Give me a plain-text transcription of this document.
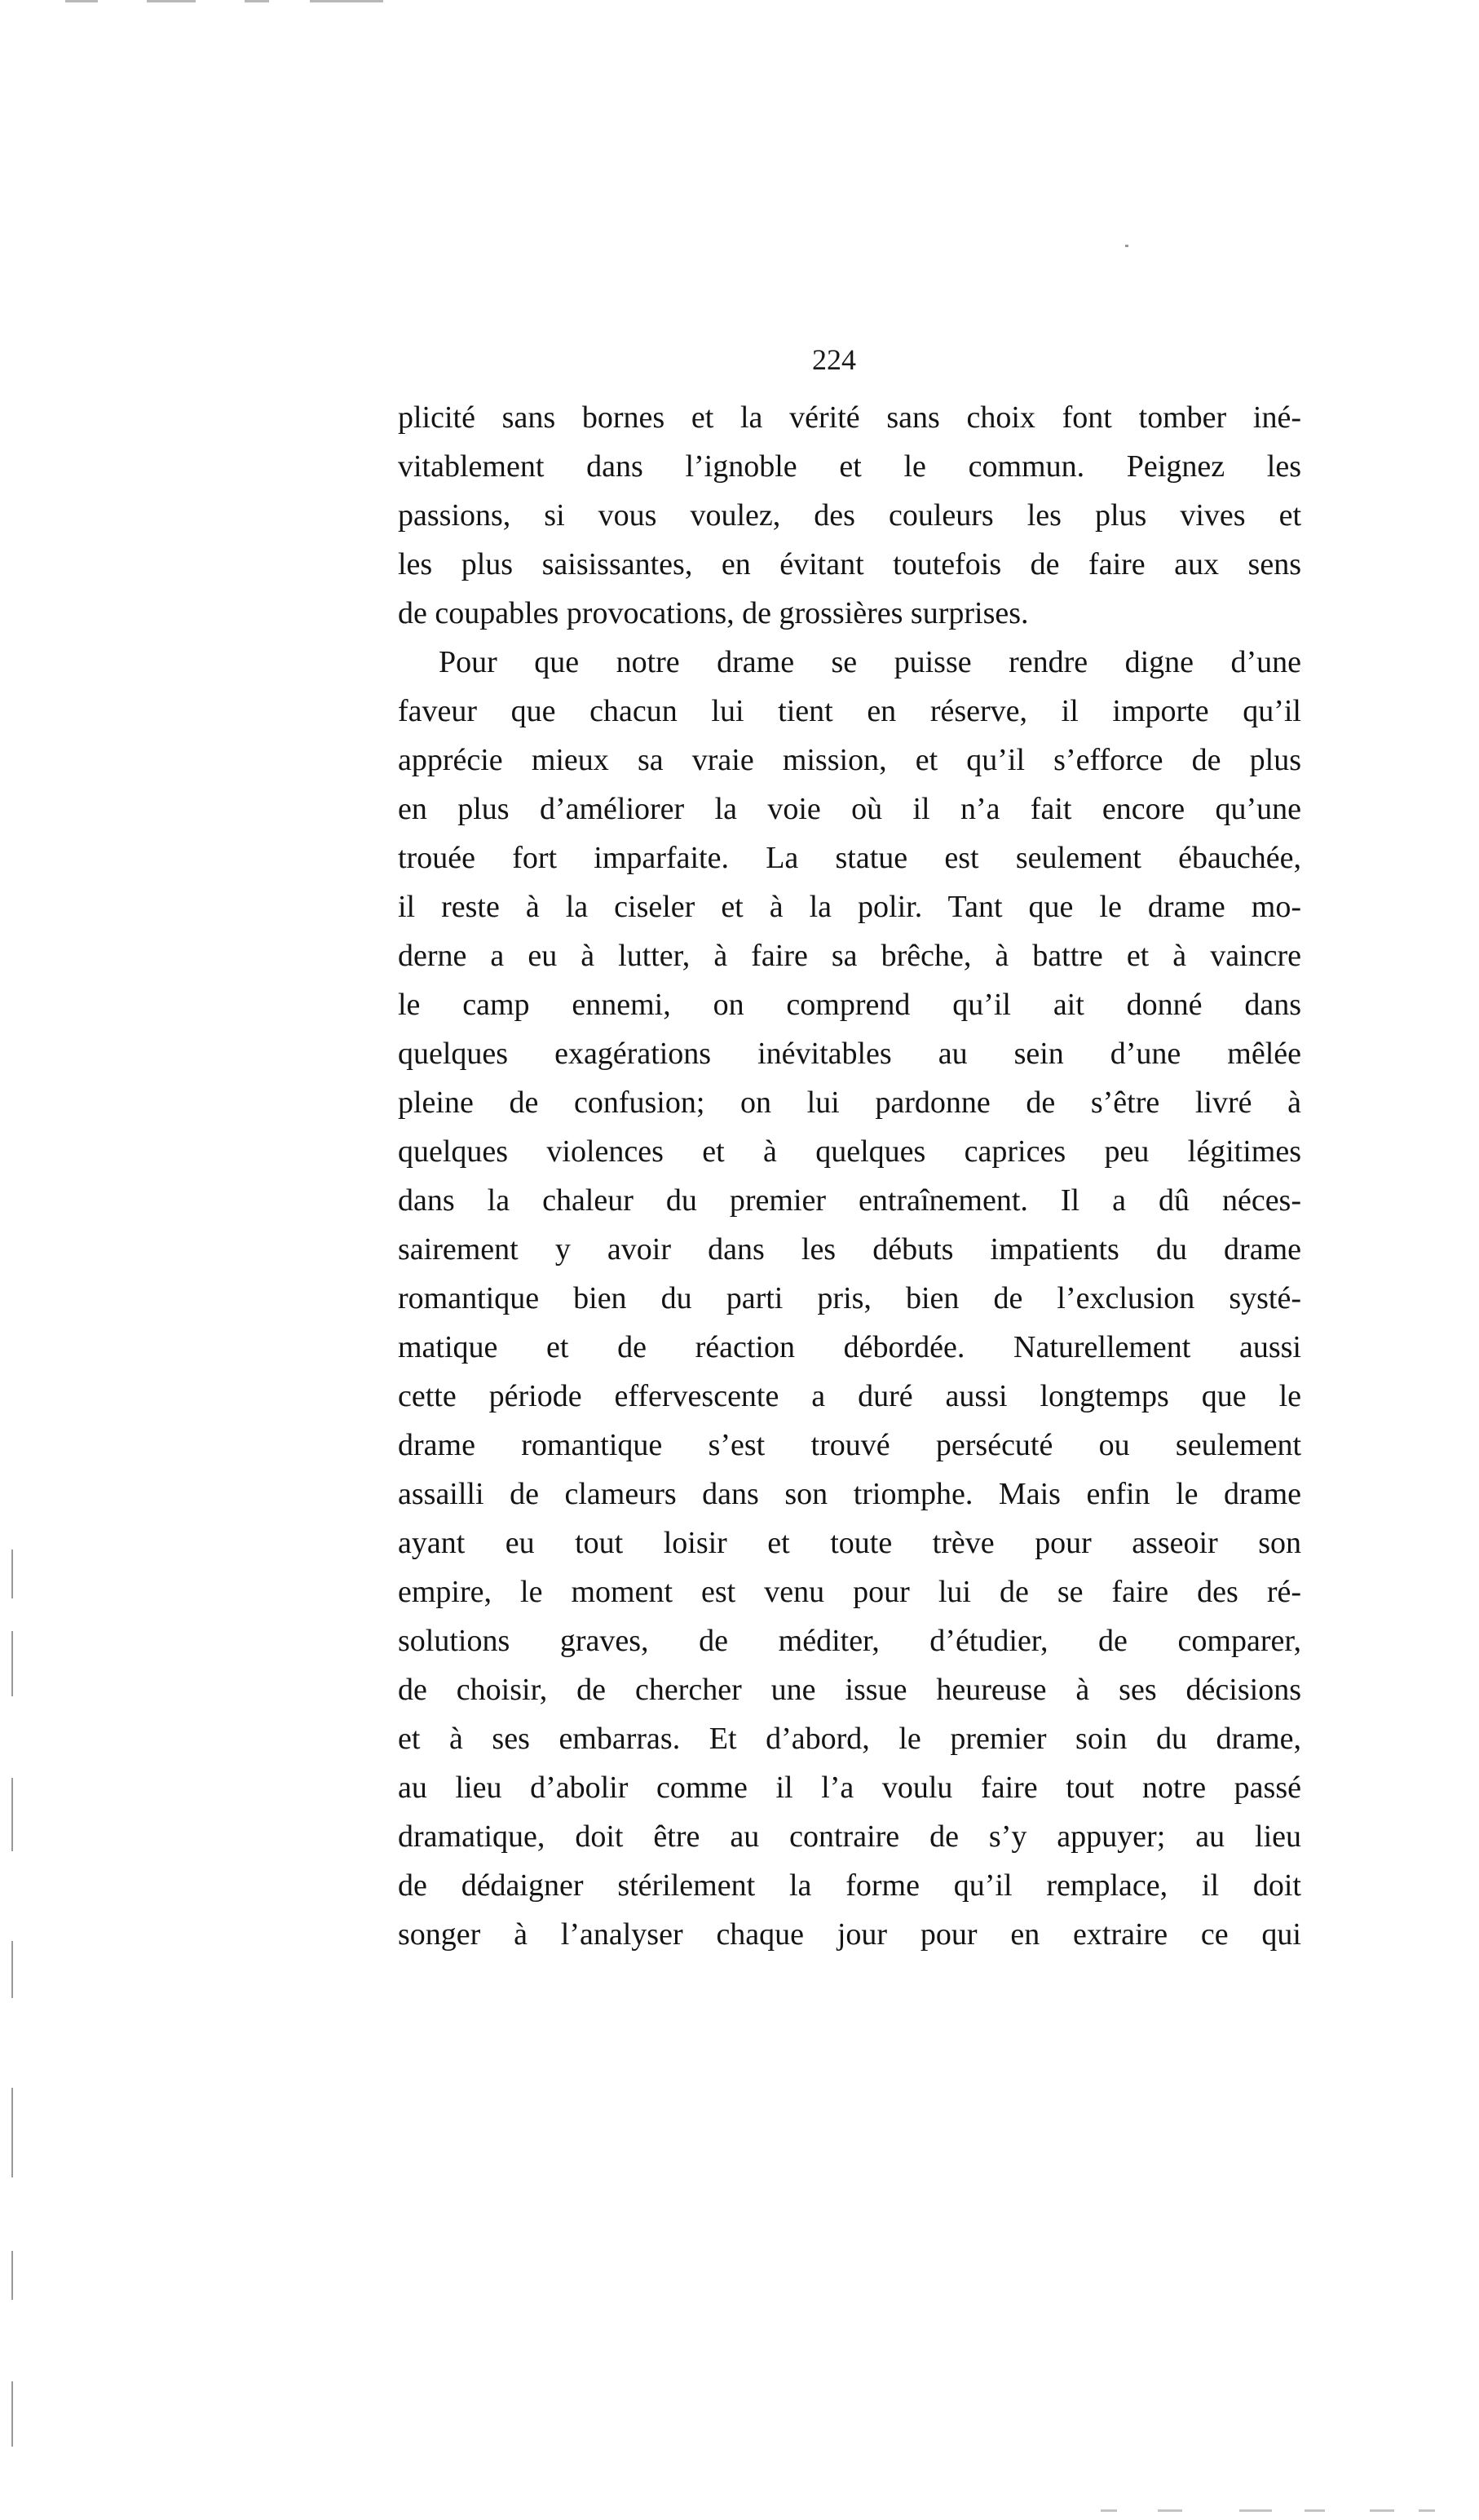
224
plicité sans bornes et la vérité sans choix font tomber iné-
vitablement dans l’ignoble et le commun. Peignez les
passions, si vous voulez, des couleurs les plus vives et
les plus saisissantes, en évitant toutefois de faire aux sens
de coupables provocations, de grossières surprises.
Pour que notre drame se puisse rendre digne d’une
faveur que chacun lui tient en réserve, il importe qu’il
apprécie mieux sa vraie mission, et qu’il s’efforce de plus
en plus d’améliorer la voie où il n’a fait encore qu’une
trouée fort imparfaite. La statue est seulement ébauchée,
il reste à la ciseler et à la polir. Tant que le drame mo-
derne a eu à lutter, à faire sa brêche, à battre et à vaincre
le camp ennemi, on comprend qu’il ait donné dans
quelques exagérations inévitables au sein d’une mêlée
pleine de confusion; on lui pardonne de s’être livré à
quelques violences et à quelques caprices peu légitimes
dans la chaleur du premier entraînement. Il a dû néces-
sairement y avoir dans les débuts impatients du drame
romantique bien du parti pris, bien de l’exclusion systé-
matique et de réaction débordée. Naturellement aussi
cette période effervescente a duré aussi longtemps que le
drame romantique s’est trouvé persécuté ou seulement
assailli de clameurs dans son triomphe. Mais enfin le drame
ayant eu tout loisir et toute trève pour asseoir son
empire, le moment est venu pour lui de se faire des ré-
solutions graves, de méditer, d’étudier, de comparer,
de choisir, de chercher une issue heureuse à ses décisions
et à ses embarras. Et d’abord, le premier soin du drame,
au lieu d’abolir comme il l’a voulu faire tout notre passé
dramatique, doit être au contraire de s’y appuyer; au lieu
de dédaigner stérilement la forme qu’il remplace, il doit
songer à l’analyser chaque jour pour en extraire ce qui
